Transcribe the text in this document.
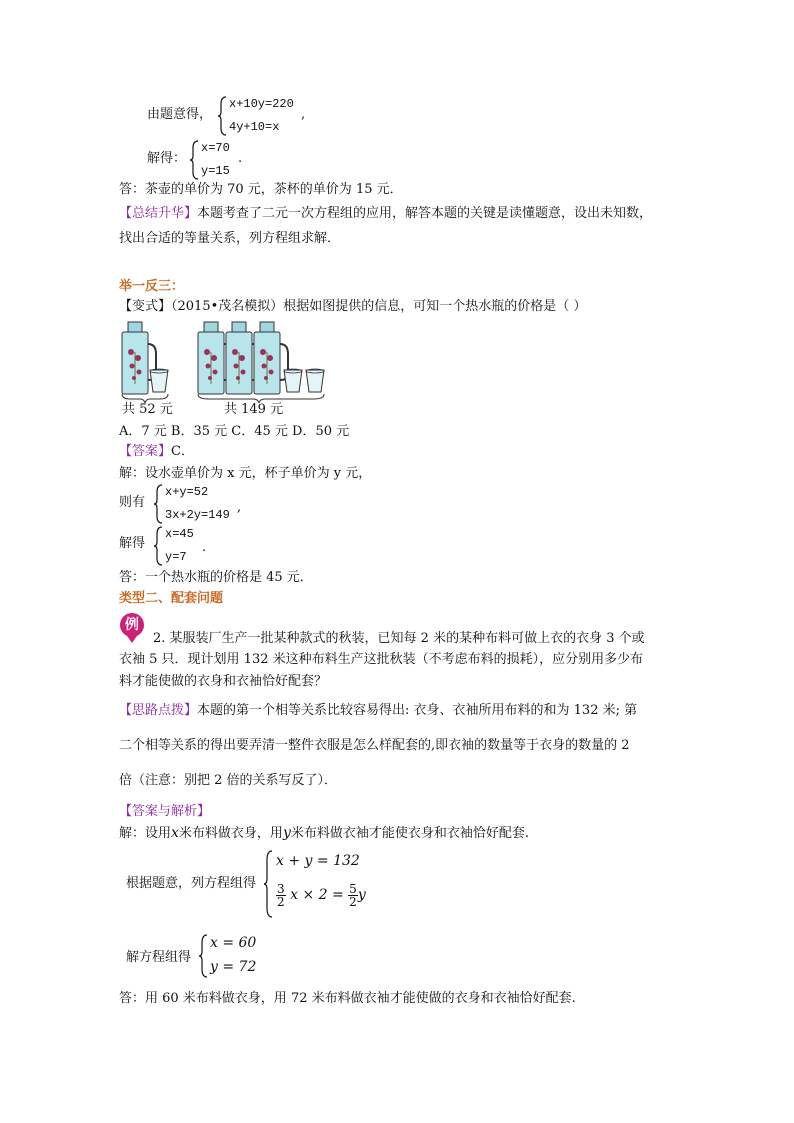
由题意得，
x+10y=220
4y+10=x
,
解得：
x=70
y=15
.
答：茶壶的单价为 70 元，茶杯的单价为 15 元．
【总结升华】本题考查了二元一次方程组的应用，解答本题的关键是读懂题意，设出未知数，
找出合适的等量关系，列方程组求解．
举一反三：
【变式】（2015•茂名模拟）根据如图提供的信息，可知一个热水瓶的价格是（ ）
共 52 元	共 149 元
A．7 元 B．35 元 C．45 元 D．50 元
【答案】C．
解：设水壶单价为 x 元，杯子单价为 y 元，
则有
x+y=52
3x+2y=149 ,
解得
x=45
y=7
.
答：一个热水瓶的价格是 45 元．
类型二、配套问题
例
2. 某服装厂生产一批某种款式的秋装，已知每 2 米的某种布料可做上衣的衣身 3 个或
衣袖 5 只．现计划用 132 米这种布料生产这批秋装（不考虑布料的损耗），应分别用多少布
料才能使做的衣身和衣袖恰好配套？
【思路点拨】本题的第一个相等关系比较容易得出: 衣身、衣袖所用布料的和为 132 米; 第
二个相等关系的得出要弄清一整件衣服是怎么样配套的,即衣袖的数量等于衣身的数量的 2
倍（注意：别把 2 倍的关系写反了）．
【答案与解析】
解：设用x米布料做衣身，用y米布料做衣袖才能使衣身和衣袖恰好配套.
根据题意，列方程组得
x + y = 132
$\frac{3}{2}$ $x \times 2 = \frac{5}{2}$ y
解方程组得
x = 60
y = 72
答：用 60 米布料做衣身，用 72 米布料做衣袖才能使做的衣身和衣袖恰好配套.
